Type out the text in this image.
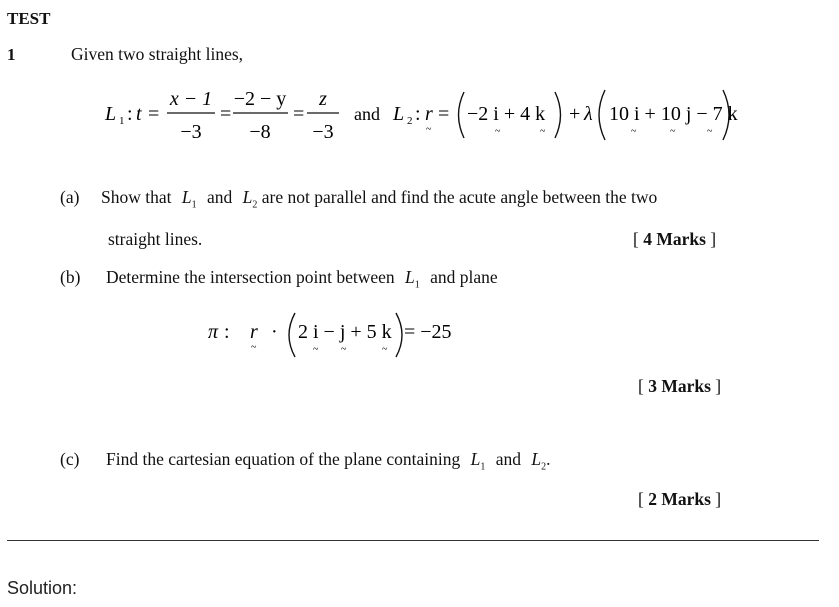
TEST
1	Given two straight lines,
L 1 : t =
x − 1
−3
=
−2 − y
−8
=
z
−3
and L 2 : r
~
= −2 i + 4 k
~	~
+ λ 10 i + 10 j − 7 k
~	~	~
(a) Show that $L_1$ and $L_2$ are not parallel and find the acute angle between the two
straight lines.	[ 4 Marks ]
(b) Determine the intersection point between $L_1$ and plane
π : r
~
· 2 i − j + 5 k
~ ~	~
= −25
[ 3 Marks ]
(c) Find the cartesian equation of the plane containing $L_1$ and $L_2$.
[ 2 Marks ]
Solution:
